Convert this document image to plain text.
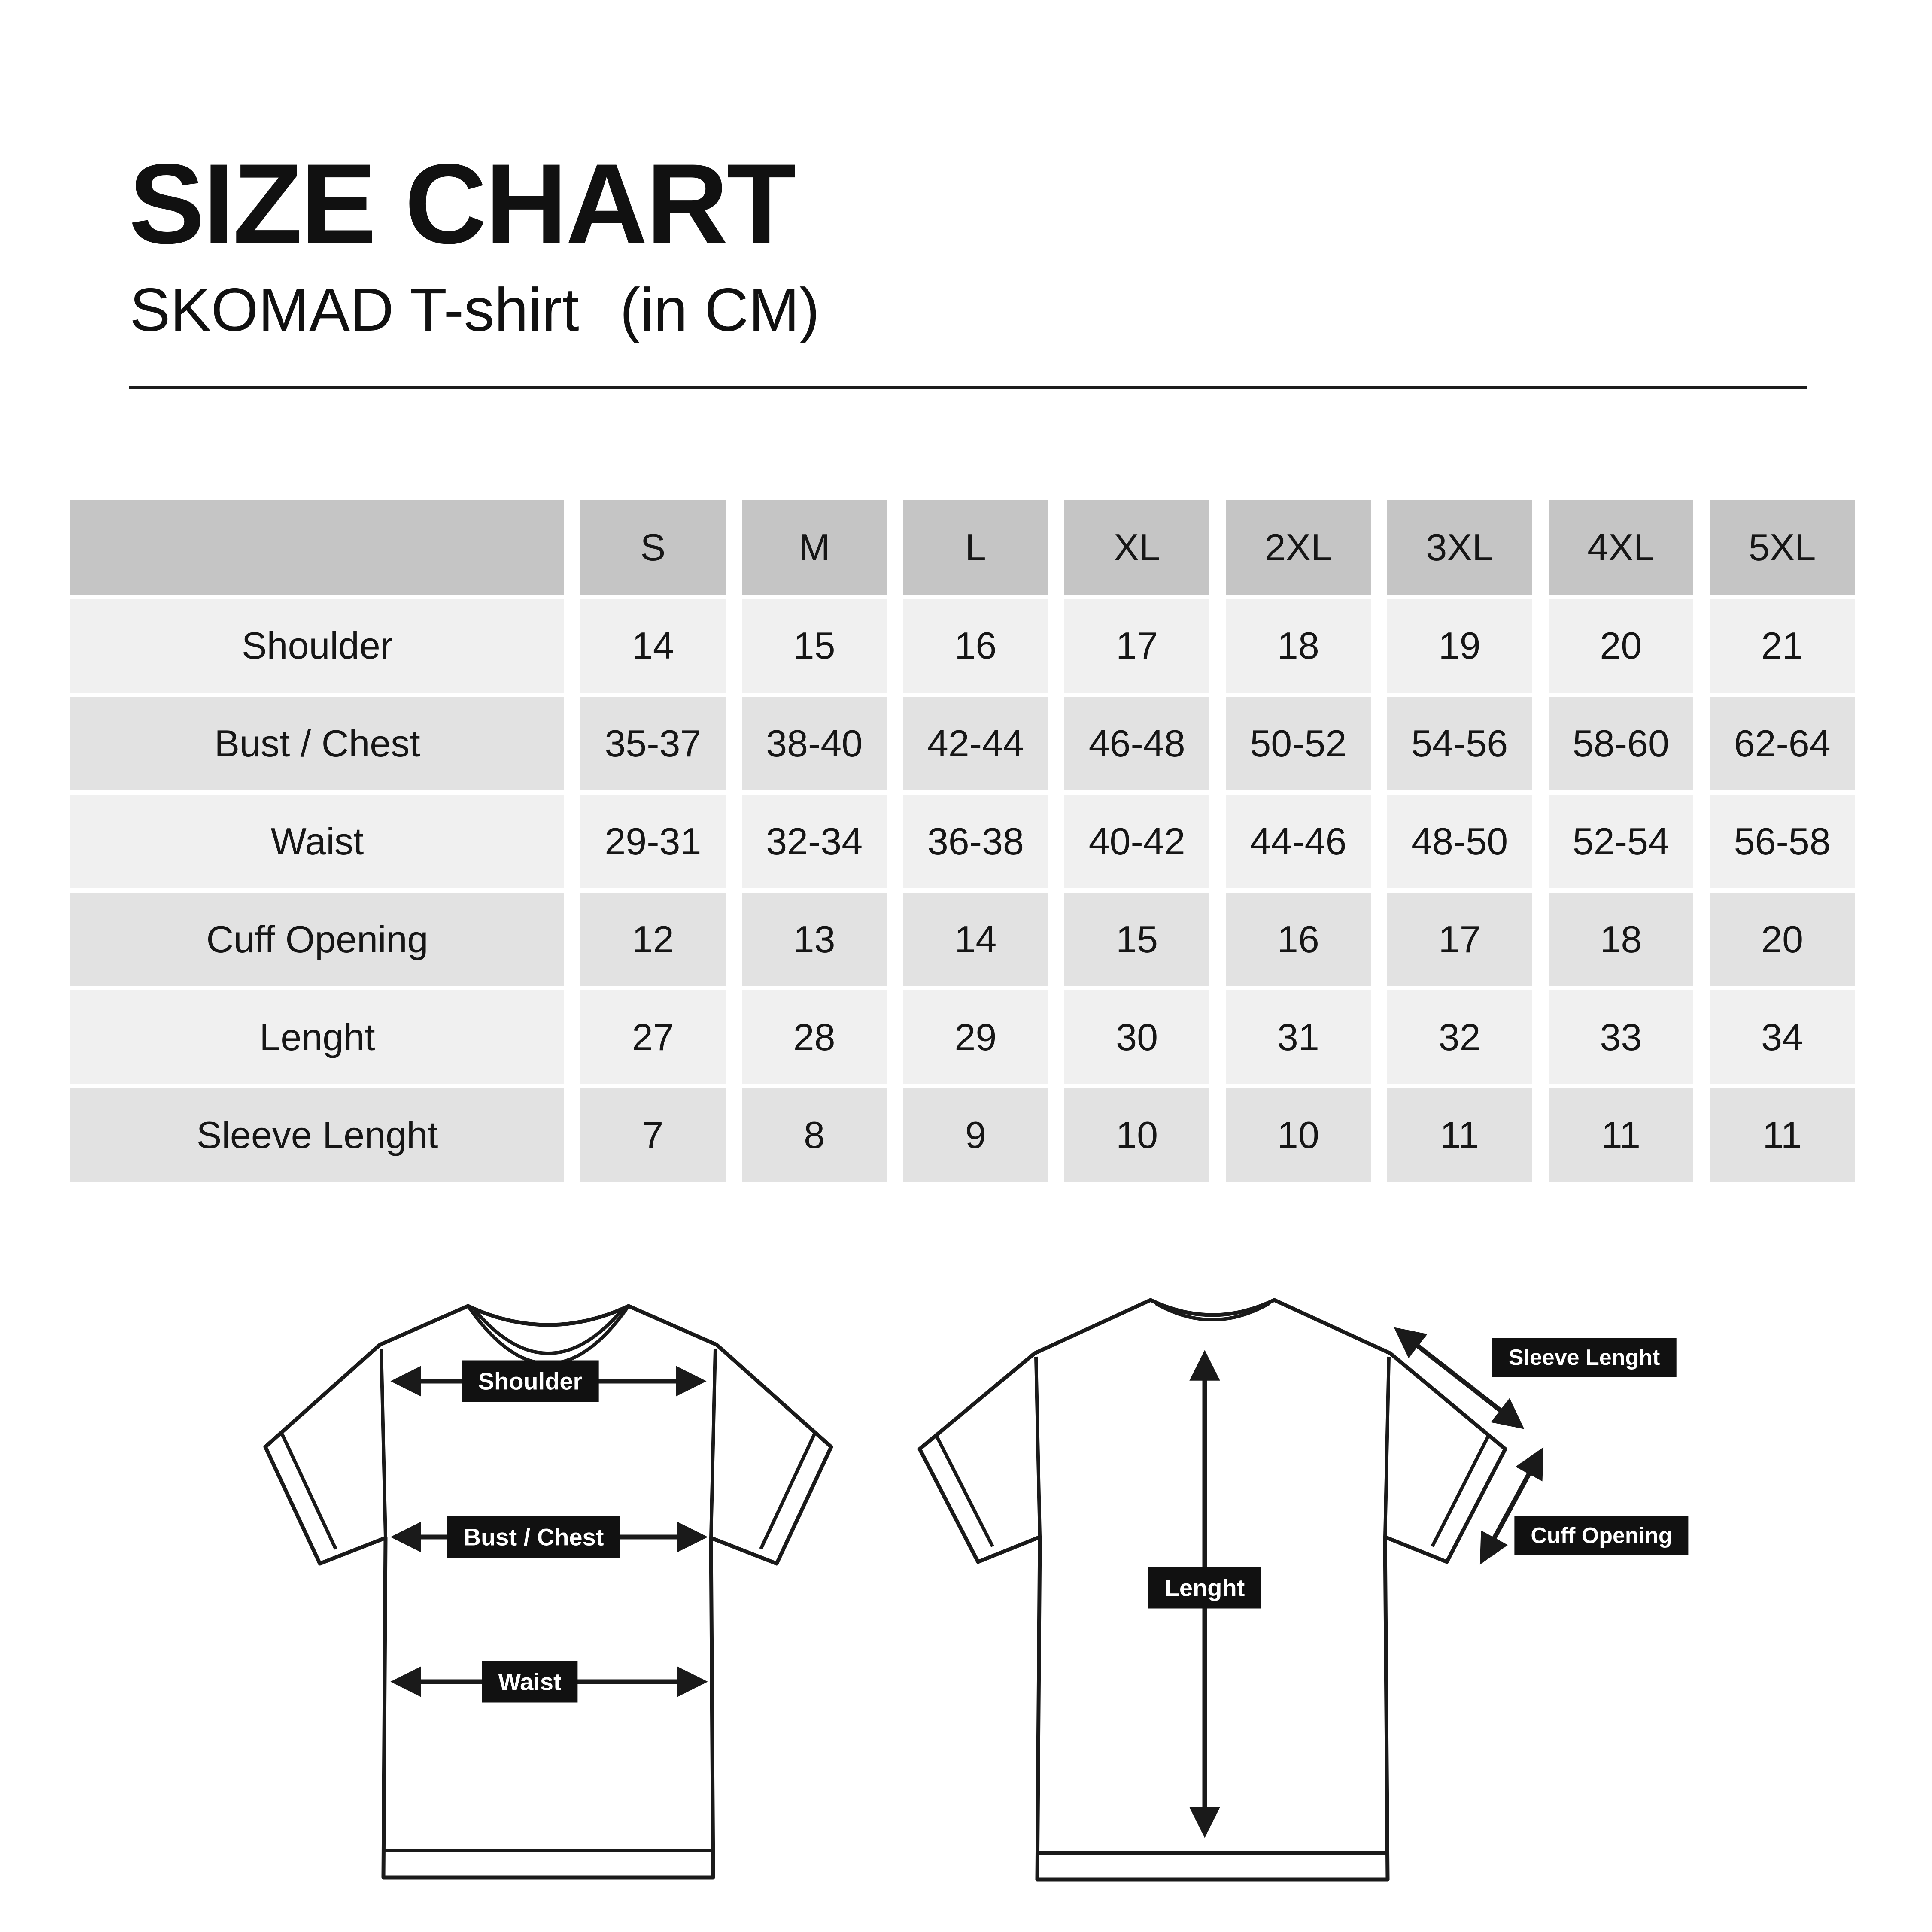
SIZE CHART
SKOMAD T-shirt (in CM)
S	M	L	XL	2XL	3XL	4XL	5XL
Shoulder	14	15	16	17	18	19	20	21
Bust / Chest	35-37	38-40	42-44	46-48	50-52	54-56	58-60	62-64
Waist	29-31	32-34	36-38	40-42	44-46	48-50	52-54	56-58
Cuff Opening	12	13	14	15	16	17	18	20
Lenght	27	28	29	30	31	32	33	34
Sleeve Lenght	7	8	9	10	10	11	11	11
Shoulder
Bust / Chest
Waist
Lenght
Sleeve Lenght
Cuff Opening
